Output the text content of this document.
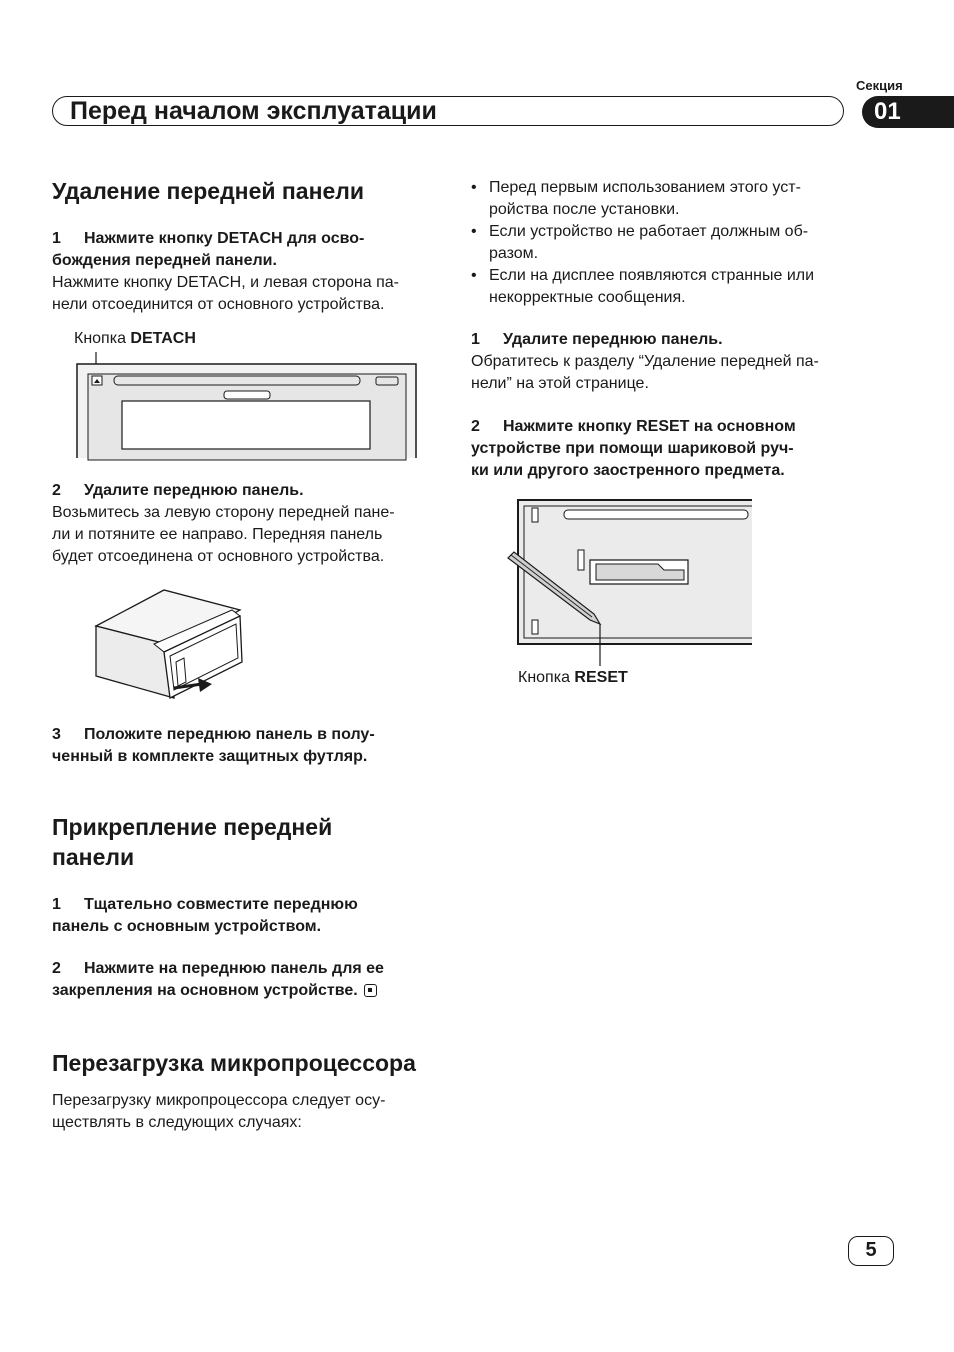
Секция
Перед началом эксплуатации	01
Удаление передней панели
1 Нажмите кнопку DETACH для осво-
бождения передней панели.
Нажмите кнопку DETACH, и левая сторона па-
нели отсоединится от основного устройства.
Кнопка DETACH
2 Удалите переднюю панель.
Возьмитесь за левую сторону передней пане-
ли и потяните ее направо. Передняя панель
будет отсоединена от основного устройства.
3 Положите переднюю панель в полу-
ченный в комплекте защитных футляр.
Прикрепление передней
панели
1 Тщательно совместите переднюю
панель с основным устройством.
2 Нажмите на переднюю панель для ее
закрепления на основном устройстве.
Перезагрузка микропроцессора
Перезагрузку микропроцессора следует осу-
ществлять в следующих случаях:
• Перед первым использованием этого уст-
ройства после установки.
• Если устройство не работает должным об-
разом.
• Если на дисплее появляются странные или
некорректные сообщения.
1 Удалите переднюю панель.
Обратитесь к разделу “Удаление передней па-
нели” на этой странице.
2 Нажмите кнопку RESET на основном
устройстве при помощи шариковой руч-
ки или другого заостренного предмета.
Кнопка RESET
5
